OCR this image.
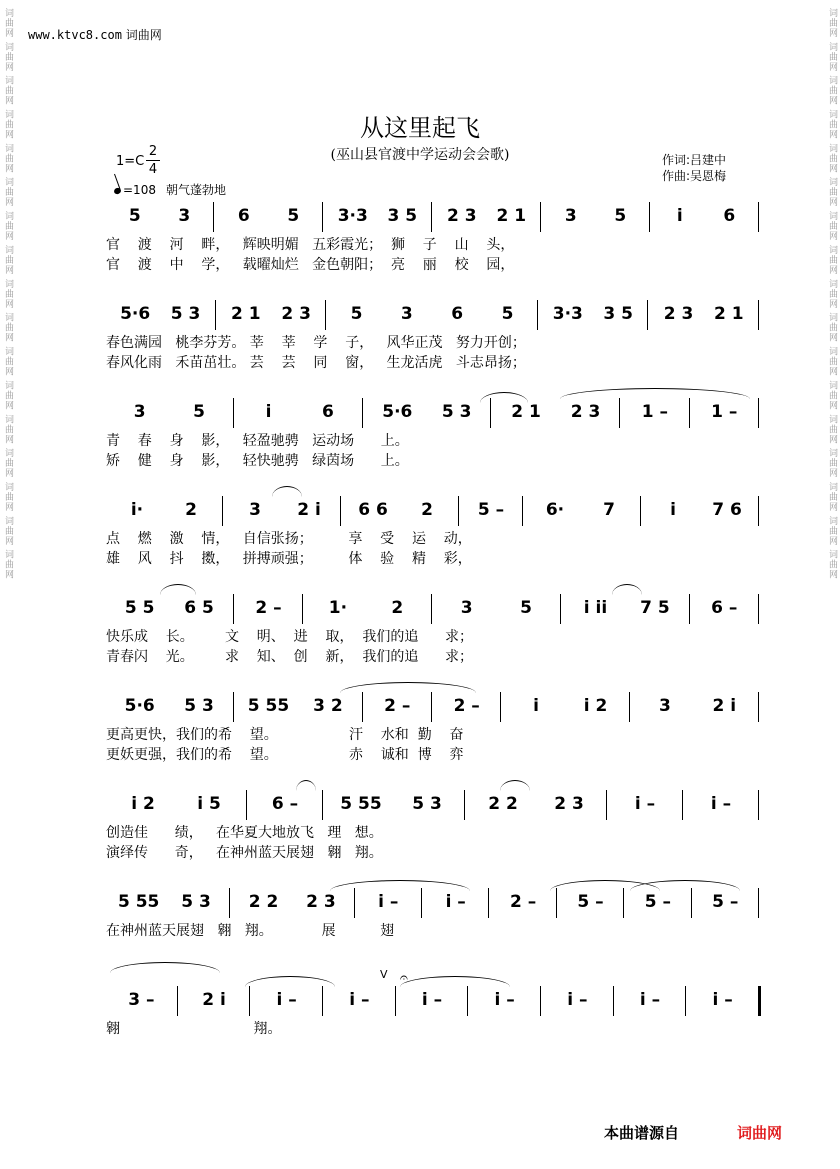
词曲网 词曲网 词曲网 词曲网 词曲网 词曲网 词曲网 词曲网 词曲网 词曲网 词曲网 词曲网 词曲网 词曲网 词曲网 词曲网 词曲网	词曲网 词曲网 词曲网 词曲网 词曲网 词曲网 词曲网 词曲网 词曲网 词曲网 词曲网 词曲网 词曲网 词曲网 词曲网 词曲网 词曲网
www.ktvc8.com 词曲网
从这里起飞
(巫山县官渡中学运动会会歌)	作词:吕建中
作曲:吴恩梅
1=C
2
4
=108 朝气蓬勃地
5 3	6 5 3·3 3 5 2 3 2 1 3 5	i 6
官    渡    河    畔，   辉映明媚   五彩霞光；  狮    子    山    头，
官    渡    中    学，   载曜灿烂   金色朝阳；  亮    丽    校    园，
5·6 5 3 2 1 2 3 5 3 6 5 3·3 3 5 2 3 2 1
春色满园   桃李芬芳。 莘    莘    学    子，   风华正茂   努力开创；
春风化雨   禾苗茁壮。 芸    芸    同    窗，   生龙活虎   斗志昂扬；
3	5	i	6	5·6 5 3 2 1 2 3 1 –	1 –
青    春    身    影，   轻盈驰骋   运动场      上。
矫    健    身    影，   轻快驰骋   绿茵场      上。
i· 2	3 2 i 6 6 2	5 – 6· 7	i 7 6
点    燃    激    情，   自信张扬；        享    受    运    动，
雄    风    抖    擞，   拼搏顽强；        体    验    精    彩，
5 5 6 5 2 –	1·	2	3	5	i ii 7 5 6 –
快乐成    长。       文    明、  进    取，  我们的追      求；
青春闪    光。       求    知、  创    新，  我们的追      求；
5·6 5 3 5 55 3 2 2 –	2 –	i	i 2	3 2 i
更高更快，我们的希    望。                汗    水和  勤    奋
更妖更强，我们的希    望。                赤    诚和  博    弈
i 2 i 5	6 – 5 55 5 3	2 2 2 3	i –	i –
创造佳      绩，   在华夏大地放飞   理   想。
演绎传      奇，   在神州蓝天展翅   翱   翔。
5 55 5 3 2 2 2 3 i –	i –	2 – 5 – 5 – 5 –
在神州蓝天展翅   翱   翔。           展          翅
3 –	2 i	i –	i –	i –	i –	i –	i –	i –
翱                              翔。
V 𝄐
本曲谱源自	词曲网
